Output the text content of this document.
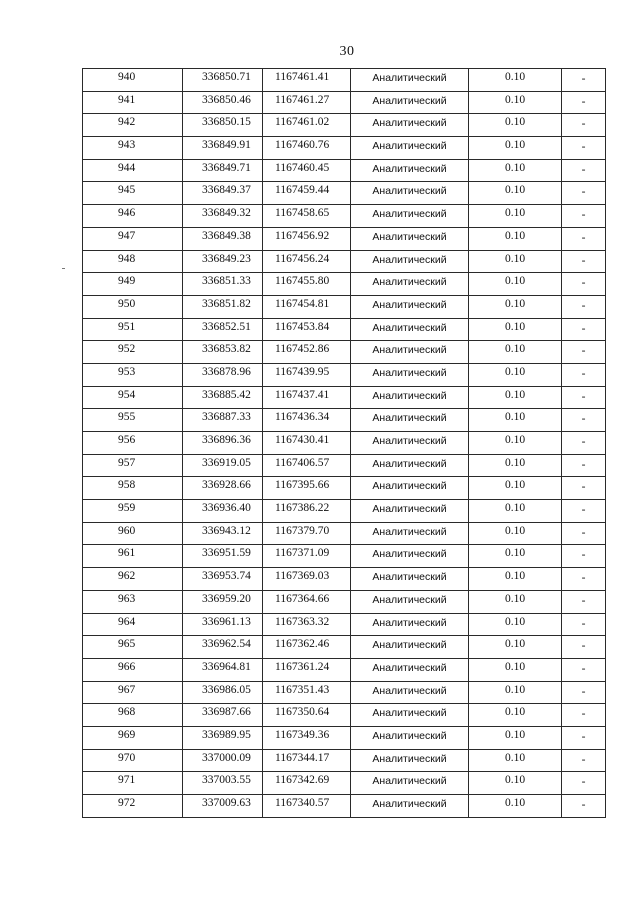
30
940	336850.71	1167461.41	Аналитический	0.10	-
941	336850.46	1167461.27	Аналитический	0.10	-
942	336850.15	1167461.02	Аналитический	0.10	-
943	336849.91	1167460.76	Аналитический	0.10	-
944	336849.71	1167460.45	Аналитический	0.10	-
945	336849.37	1167459.44	Аналитический	0.10	-
946	336849.32	1167458.65	Аналитический	0.10	-
947	336849.38	1167456.92	Аналитический	0.10	-
948	336849.23	1167456.24	Аналитический	0.10	-
949	336851.33	1167455.80	Аналитический	0.10	-
950	336851.82	1167454.81	Аналитический	0.10	-
951	336852.51	1167453.84	Аналитический	0.10	-
952	336853.82	1167452.86	Аналитический	0.10	-
953	336878.96	1167439.95	Аналитический	0.10	-
954	336885.42	1167437.41	Аналитический	0.10	-
955	336887.33	1167436.34	Аналитический	0.10	-
956	336896.36	1167430.41	Аналитический	0.10	-
957	336919.05	1167406.57	Аналитический	0.10	-
958	336928.66	1167395.66	Аналитический	0.10	-
959	336936.40	1167386.22	Аналитический	0.10	-
960	336943.12	1167379.70	Аналитический	0.10	-
961	336951.59	1167371.09	Аналитический	0.10	-
962	336953.74	1167369.03	Аналитический	0.10	-
963	336959.20	1167364.66	Аналитический	0.10	-
964	336961.13	1167363.32	Аналитический	0.10	-
965	336962.54	1167362.46	Аналитический	0.10	-
966	336964.81	1167361.24	Аналитический	0.10	-
967	336986.05	1167351.43	Аналитический	0.10	-
968	336987.66	1167350.64	Аналитический	0.10	-
969	336989.95	1167349.36	Аналитический	0.10	-
970	337000.09	1167344.17	Аналитический	0.10	-
971	337003.55	1167342.69	Аналитический	0.10	-
972	337009.63	1167340.57	Аналитический	0.10	-
